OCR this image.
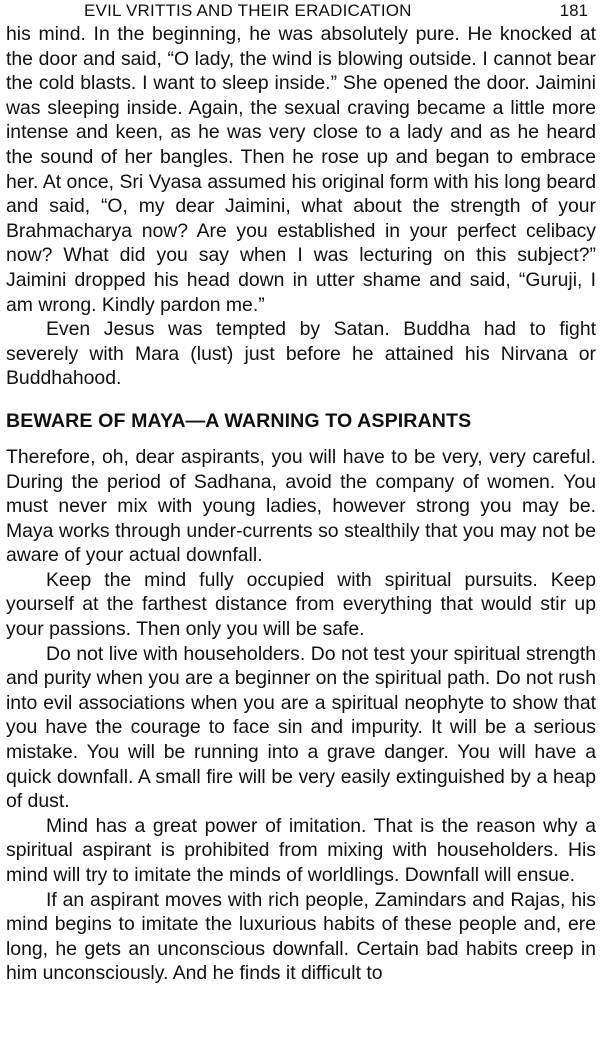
EVIL VRITTIS AND THEIR ERADICATION	181

his mind. In the beginning, he was absolutely pure. He knocked at the door and said, “O lady, the wind is blowing outside. I cannot bear the cold blasts. I want to sleep inside.” She opened the door. Jaimini was sleeping inside. Again, the sexual craving became a little more intense and keen, as he was very close to a lady and as he heard the sound of her bangles. Then he rose up and began to embrace her. At once, Sri Vyasa assumed his original form with his long beard and said, “O, my dear Jaimini, what about the strength of your Brahmacharya now? Are you established in your perfect celibacy now? What did you say when I was lecturing on this subject?” Jaimini dropped his head down in utter shame and said, “Guruji, I am wrong. Kindly pardon me.”

Even Jesus was tempted by Satan. Buddha had to fight severely with Mara (lust) just before he attained his Nirvana or Buddhahood.

BEWARE OF MAYA—A WARNING TO ASPIRANTS

Therefore, oh, dear aspirants, you will have to be very, very careful. During the period of Sadhana, avoid the company of women. You must never mix with young ladies, however strong you may be. Maya works through under-currents so stealthily that you may not be aware of your actual downfall.

Keep the mind fully occupied with spiritual pursuits. Keep yourself at the farthest distance from everything that would stir up your passions. Then only you will be safe.

Do not live with householders. Do not test your spiritual strength and purity when you are a beginner on the spiritual path. Do not rush into evil associations when you are a spiritual neophyte to show that you have the courage to face sin and impurity. It will be a serious mistake. You will be running into a grave danger. You will have a quick downfall. A small fire will be very easily extinguished by a heap of dust.

Mind has a great power of imitation. That is the reason why a spiritual aspirant is prohibited from mixing with householders. His mind will try to imitate the minds of worldlings. Downfall will ensue.

If an aspirant moves with rich people, Zamindars and Rajas, his mind begins to imitate the luxurious habits of these people and, ere long, he gets an unconscious downfall. Certain bad habits creep in him unconsciously. And he finds it difficult to
